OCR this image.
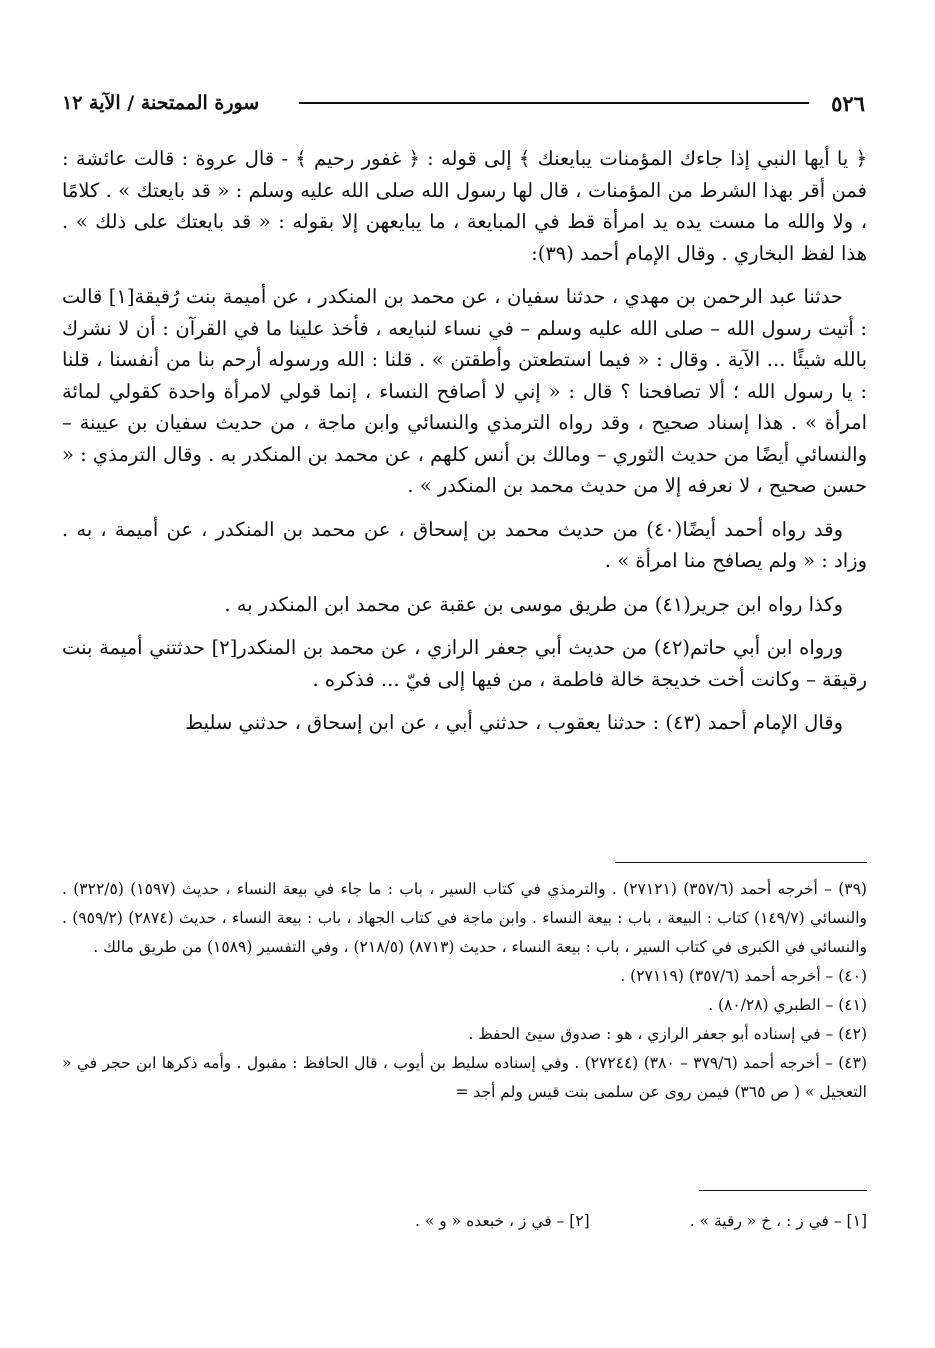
٥٢٦
سورة الممتحنة / الآية ١٢

﴿ يا أيها النبي إذا جاءك المؤمنات يبايعنك ﴾ إلى قوله : ﴿ غفور رحيم ﴾ - قال عروة : قالت عائشة : فمن أقر بهذا الشرط من المؤمنات ، قال لها رسول الله صلى الله عليه وسلم : « قد بايعتك » . كلامًا ، ولا والله ما مست يده يد امرأة قط في المبايعة ، ما يبايعهن إلا بقوله : « قد بايعتك على ذلك » . هذا لفظ البخاري . وقال الإمام أحمد (٣٩):

حدثنا عبد الرحمن بن مهدي ، حدثنا سفيان ، عن محمد بن المنكدر ، عن أميمة بنت رُقيقة[١] قالت : أتيت رسول الله – صلى الله عليه وسلم – في نساء لنبايعه ، فأخذ علينا ما في القرآن : أن لا نشرك بالله شيئًا ... الآية . وقال : « فيما استطعتن وأطقتن » . قلنا : الله ورسوله أرحم بنا من أنفسنا ، قلنا : يا رسول الله ؛ ألا تصافحنا ؟ قال : « إني لا أصافح النساء ، إنما قولي لامرأة واحدة كقولي لمائة امرأة » . هذا إسناد صحيح ، وقد رواه الترمذي والنسائي وابن ماجة ، من حديث سفيان بن عيينة – والنسائي أيضًا من حديث الثوري – ومالك بن أنس كلهم ، عن محمد بن المنكدر به . وقال الترمذي : « حسن صحيح ، لا نعرفه إلا من حديث محمد بن المنكدر » .

وقد رواه أحمد أيضًا(٤٠) من حديث محمد بن إسحاق ، عن محمد بن المنكدر ، عن أميمة ، به . وزاد : « ولم يصافح منا امرأة » .

وكذا رواه ابن جرير(٤١) من طريق موسى بن عقبة عن محمد ابن المنكدر به .

ورواه ابن أبي حاتم(٤٢) من حديث أبي جعفر الرازي ، عن محمد بن المنكدر[٢] حدثتني أميمة بنت رقيقة – وكانت أخت خديجة خالة فاطمة ، من فيها إلى فيّ ... فذكره .

وقال الإمام أحمد (٤٣) : حدثنا يعقوب ، حدثني أبي ، عن ابن إسحاق ، حدثني سليط

(٣٩) – أخرجه أحمد (٣٥٧/٦) (٢٧١٢١) . والترمذي في كتاب السير ، باب : ما جاء في بيعة النساء ، حديث (١٥٩٧) (٣٢٢/٥) . والنسائي (١٤٩/٧) كتاب : البيعة ، باب : بيعة النساء . وابن ماجة في كتاب الجهاد ، باب : بيعة النساء ، حديث (٢٨٧٤) (٩٥٩/٢) . والنسائي في الكبرى في كتاب السير ، باب : بيعة النساء ، حديث (٨٧١٣) (٢١٨/٥) ، وفي التفسير (١٥٨٩) من طريق مالك .

(٤٠) – أخرجه أحمد (٣٥٧/٦) (٢٧١١٩) .

(٤١) – الطبري (٨٠/٢٨) .

(٤٢) – في إسناده أبو جعفر الرازي ، هو : صدوق سيئ الحفظ .

(٤٣) – أخرجه أحمد (٣٧٩/٦ – ٣٨٠) (٢٧٢٤٤) . وفي إسناده سليط بن أيوب ، قال الحافظ : مقبول . وأمه ذكرها ابن حجر في « التعجيل » ( ص ٣٦٥) فيمن روى عن سلمى بنت قيس ولم أجد =

[١] – في ز : ، خ « رقية » .
[٢] – في ز ، خبعده « و » .
